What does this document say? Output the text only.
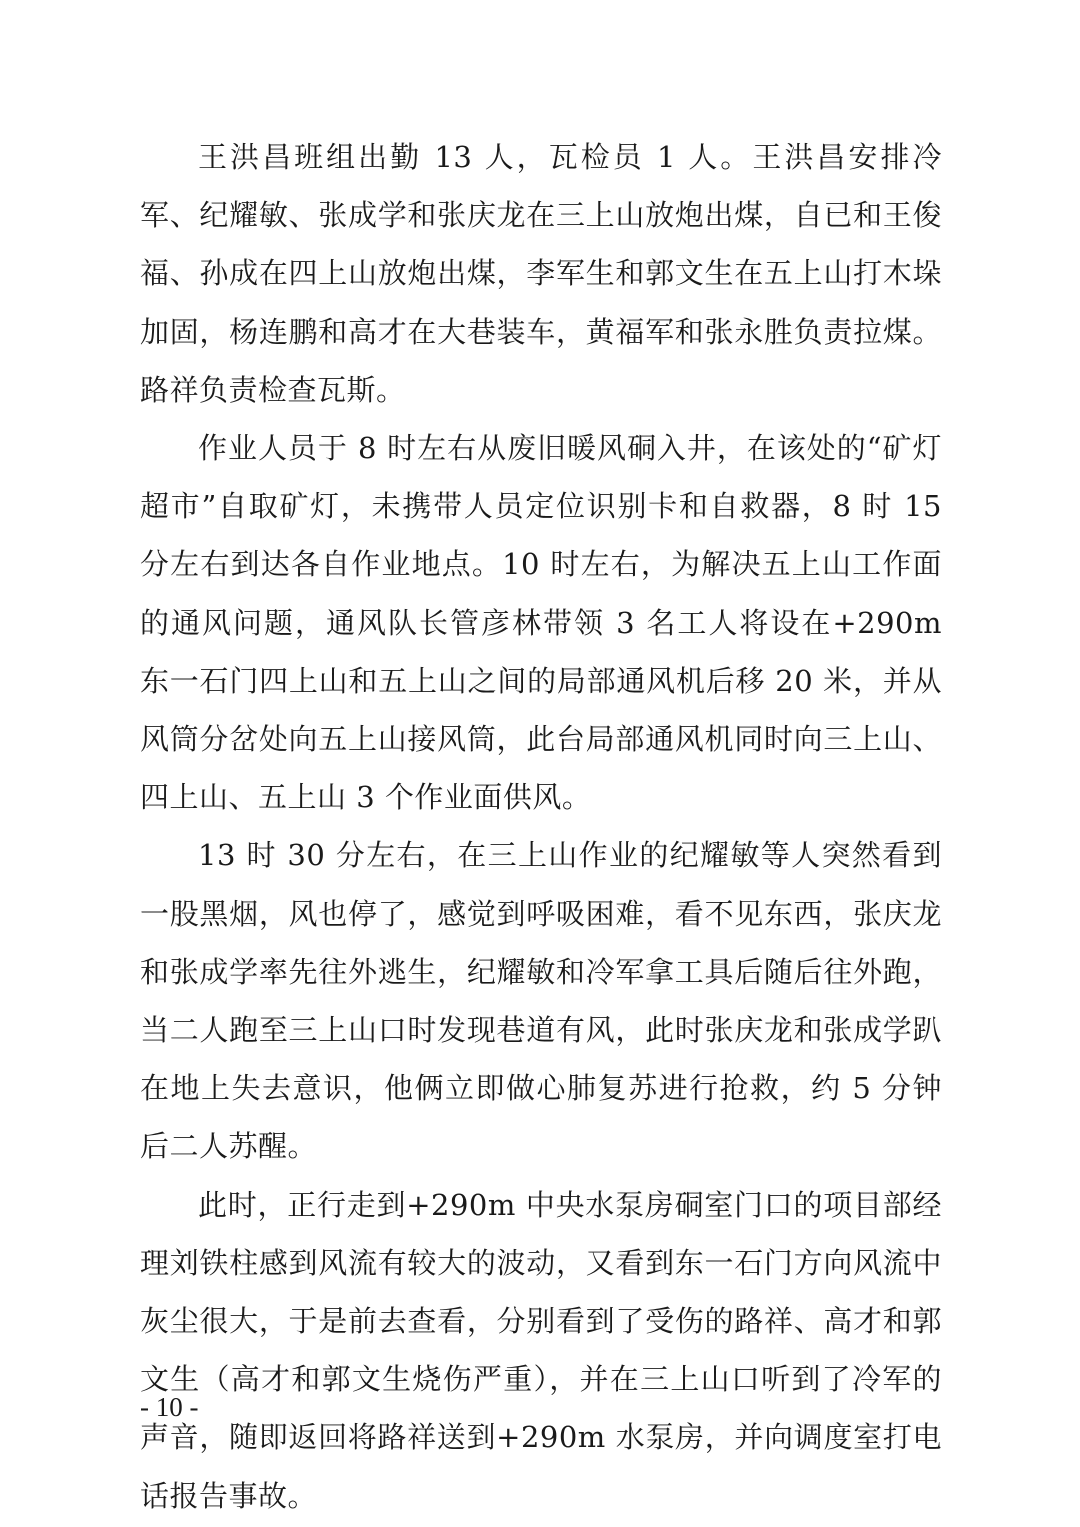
王洪昌班组出勤 13 人，瓦检员 1 人。王洪昌安排冷军、纪耀敏、张成学和张庆龙在三上山放炮出煤，自已和王俊福、孙成在四上山放炮出煤，李军生和郭文生在五上山打木垛加固，杨连鹏和高才在大巷装车，黄福军和张永胜负责拉煤。路祥负责检查瓦斯。

作业人员于 8 时左右从废旧暖风硐入井，在该处的“矿灯超市”自取矿灯，未携带人员定位识别卡和自救器，8 时 15 分左右到达各自作业地点。10 时左右，为解决五上山工作面的通风问题，通风队长管彦林带领 3 名工人将设在+290m 东一石门四上山和五上山之间的局部通风机后移 20 米，并从风筒分岔处向五上山接风筒，此台局部通风机同时向三上山、四上山、五上山 3 个作业面供风。

13 时 30 分左右，在三上山作业的纪耀敏等人突然看到一股黑烟，风也停了，感觉到呼吸困难，看不见东西，张庆龙和张成学率先往外逃生，纪耀敏和冷军拿工具后随后往外跑，当二人跑至三上山口时发现巷道有风，此时张庆龙和张成学趴在地上失去意识，他俩立即做心肺复苏进行抢救，约 5 分钟后二人苏醒。

此时，正行走到+290m 中央水泵房硐室门口的项目部经理刘铁柱感到风流有较大的波动，又看到东一石门方向风流中灰尘很大，于是前去查看，分别看到了受伤的路祥、高才和郭文生（高才和郭文生烧伤严重），并在三上山口听到了冷军的声音，随即返回将路祥送到+290m 水泵房，并向调度室打电话报告事故。

- 10 -
